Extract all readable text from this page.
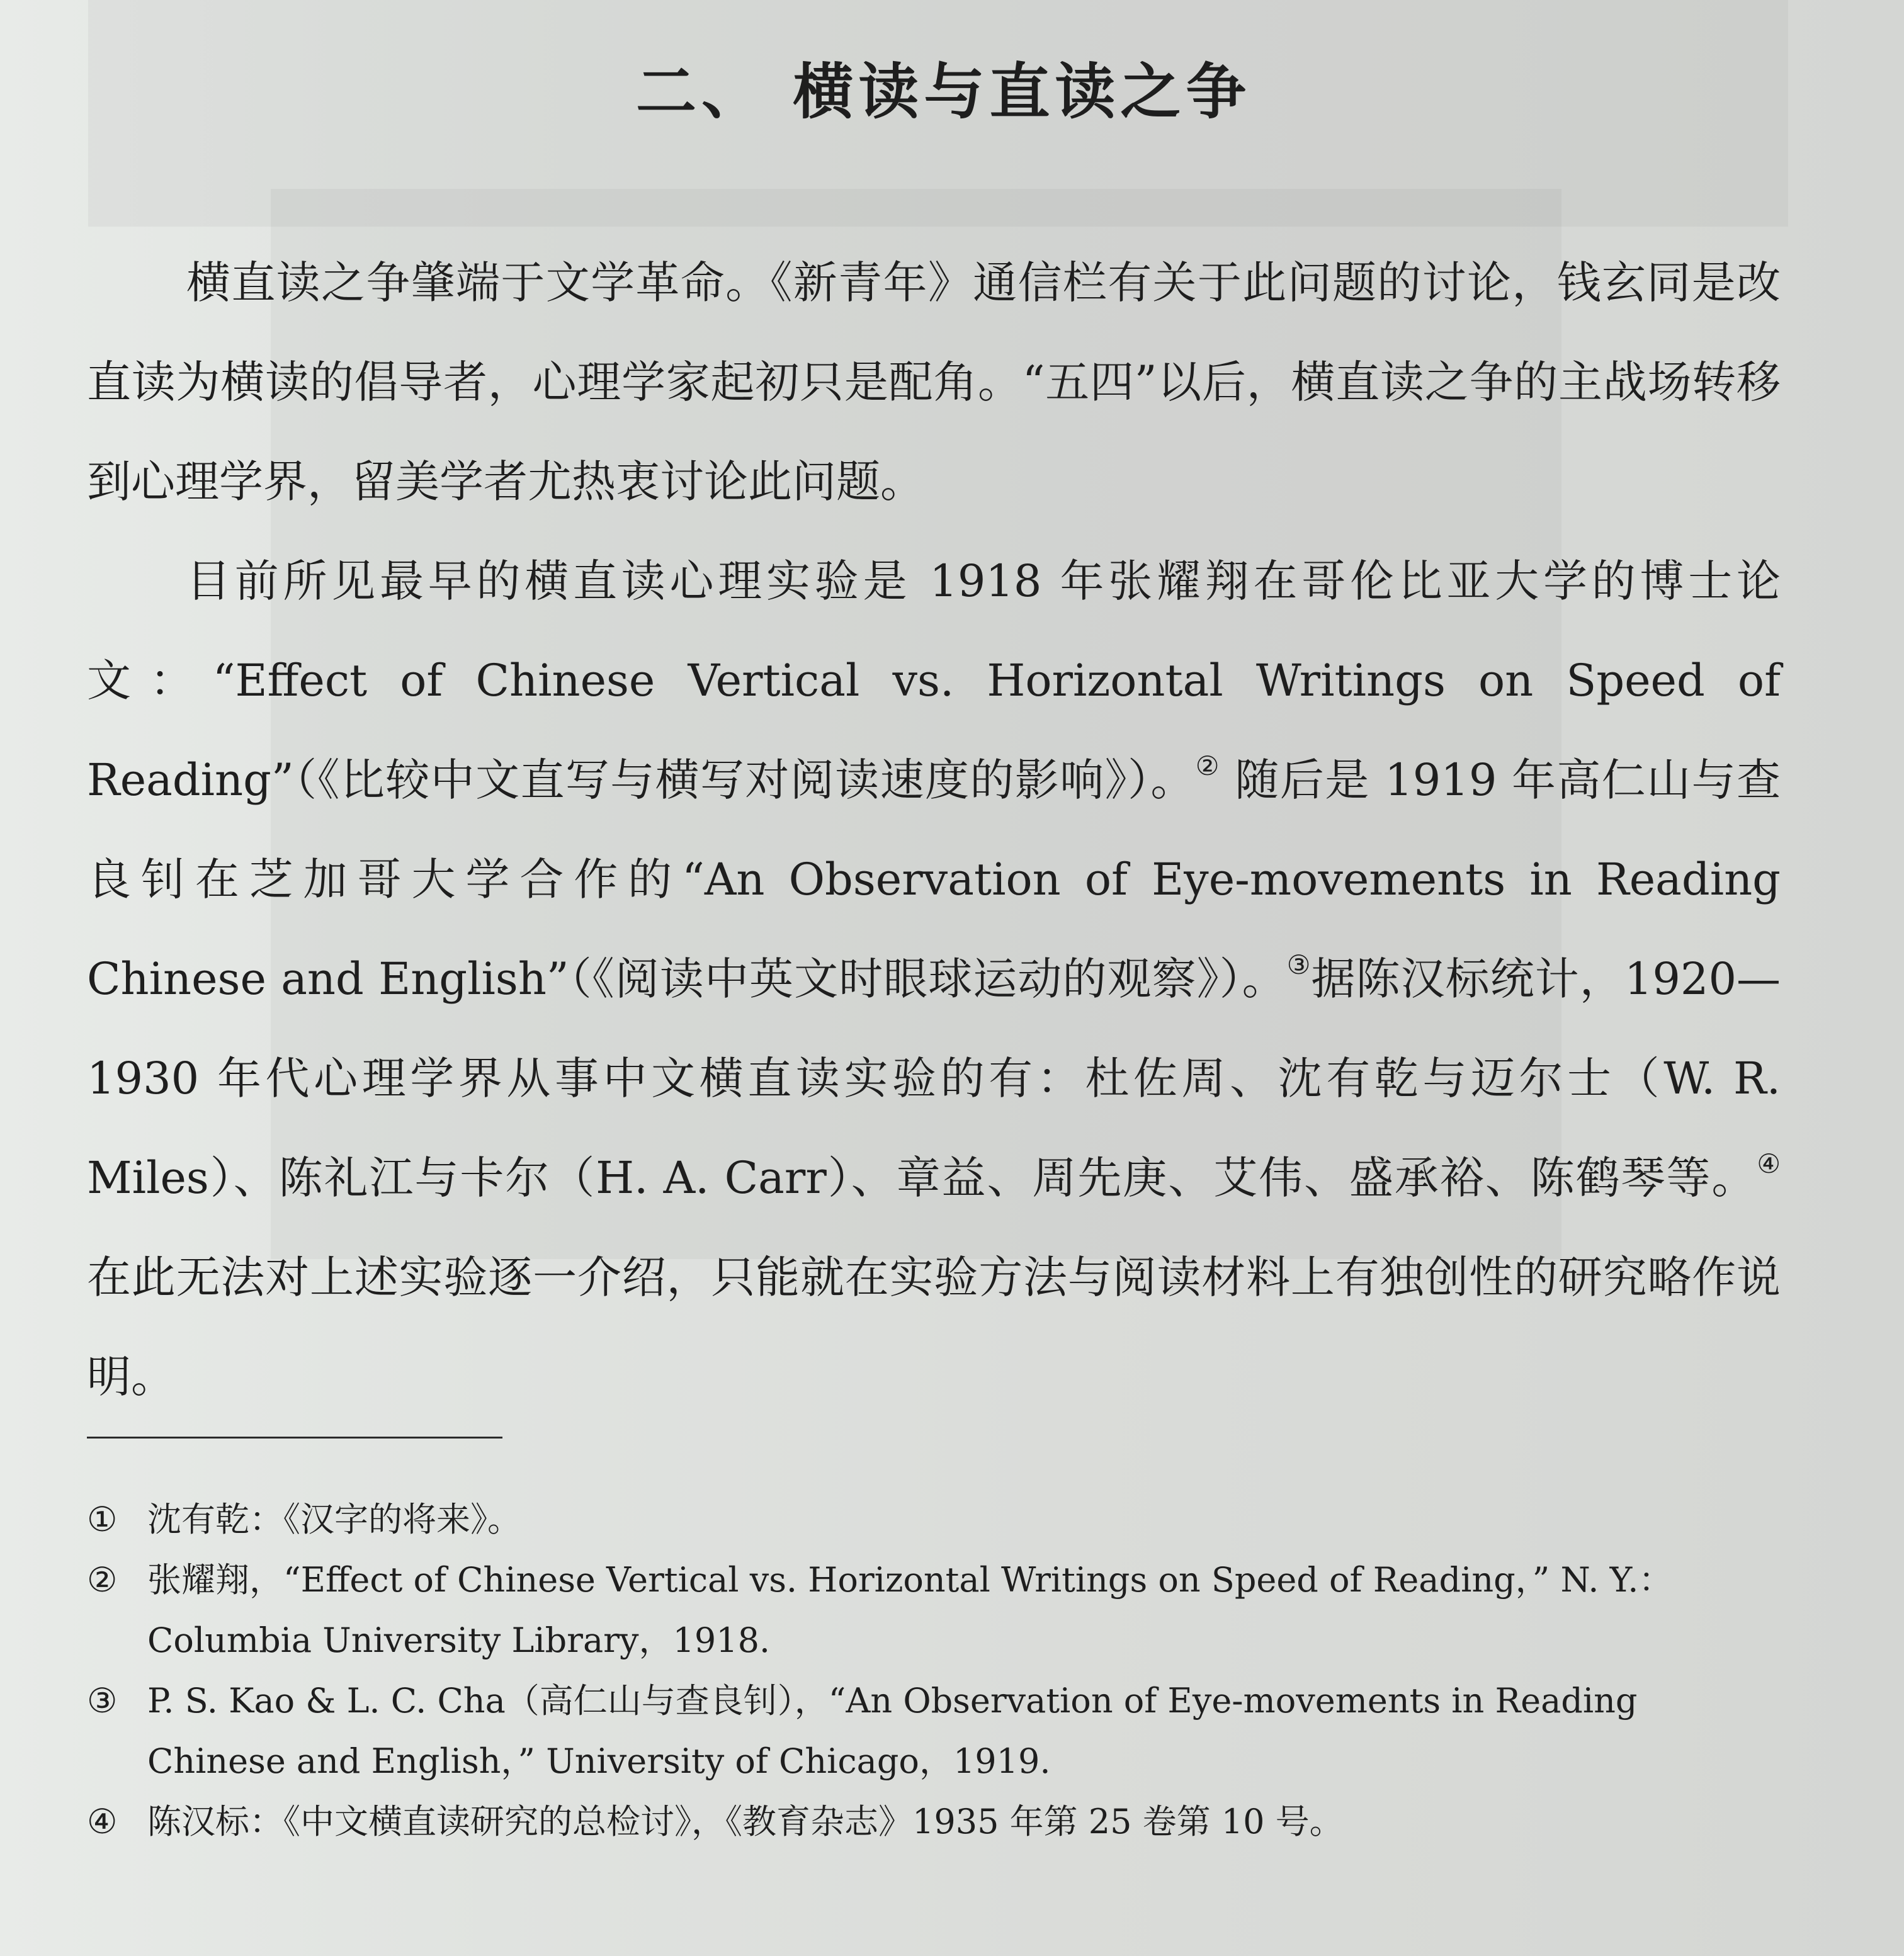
二、 横读与直读之争

横直读之争肇端于文学革命。《新青年》通信栏有关于此问题的讨论，钱玄同是改直读为横读的倡导者，心理学家起初只是配角。“五四”以后，横直读之争的主战场转移到心理学界，留美学者尤热衷讨论此问题。

目前所见最早的横直读心理实验是 1918 年张耀翔在哥伦比亚大学的博士论文：“Effect of Chinese Vertical vs. Horizontal Writings on Speed of Reading”（《比较中文直写与横写对阅读速度的影响》）。② 随后是 1919 年高仁山与查良钊在芝加哥大学合作的“An Observation of Eye-movements in Reading Chinese and English”（《阅读中英文时眼球运动的观察》）。③据陈汉标统计，1920—1930 年代心理学界从事中文横直读实验的有：杜佐周、沈有乾与迈尔士（W. R. Miles）、陈礼江与卡尔（H. A. Carr）、章益、周先庚、艾伟、盛承裕、陈鹤琴等。④ 在此无法对上述实验逐一介绍，只能就在实验方法与阅读材料上有独创性的研究略作说明。

① 沈有乾：《汉字的将来》。
② 张耀翔，“Effect of Chinese Vertical vs. Horizontal Writings on Speed of Reading，” N. Y.：Columbia University Library，1918.
③ P. S. Kao & L. C. Cha（高仁山与查良钊），“An Observation of Eye-movements in Reading Chinese and English，” University of Chicago，1919.
④ 陈汉标：《中文横直读研究的总检讨》，《教育杂志》1935 年第 25 卷第 10 号。
